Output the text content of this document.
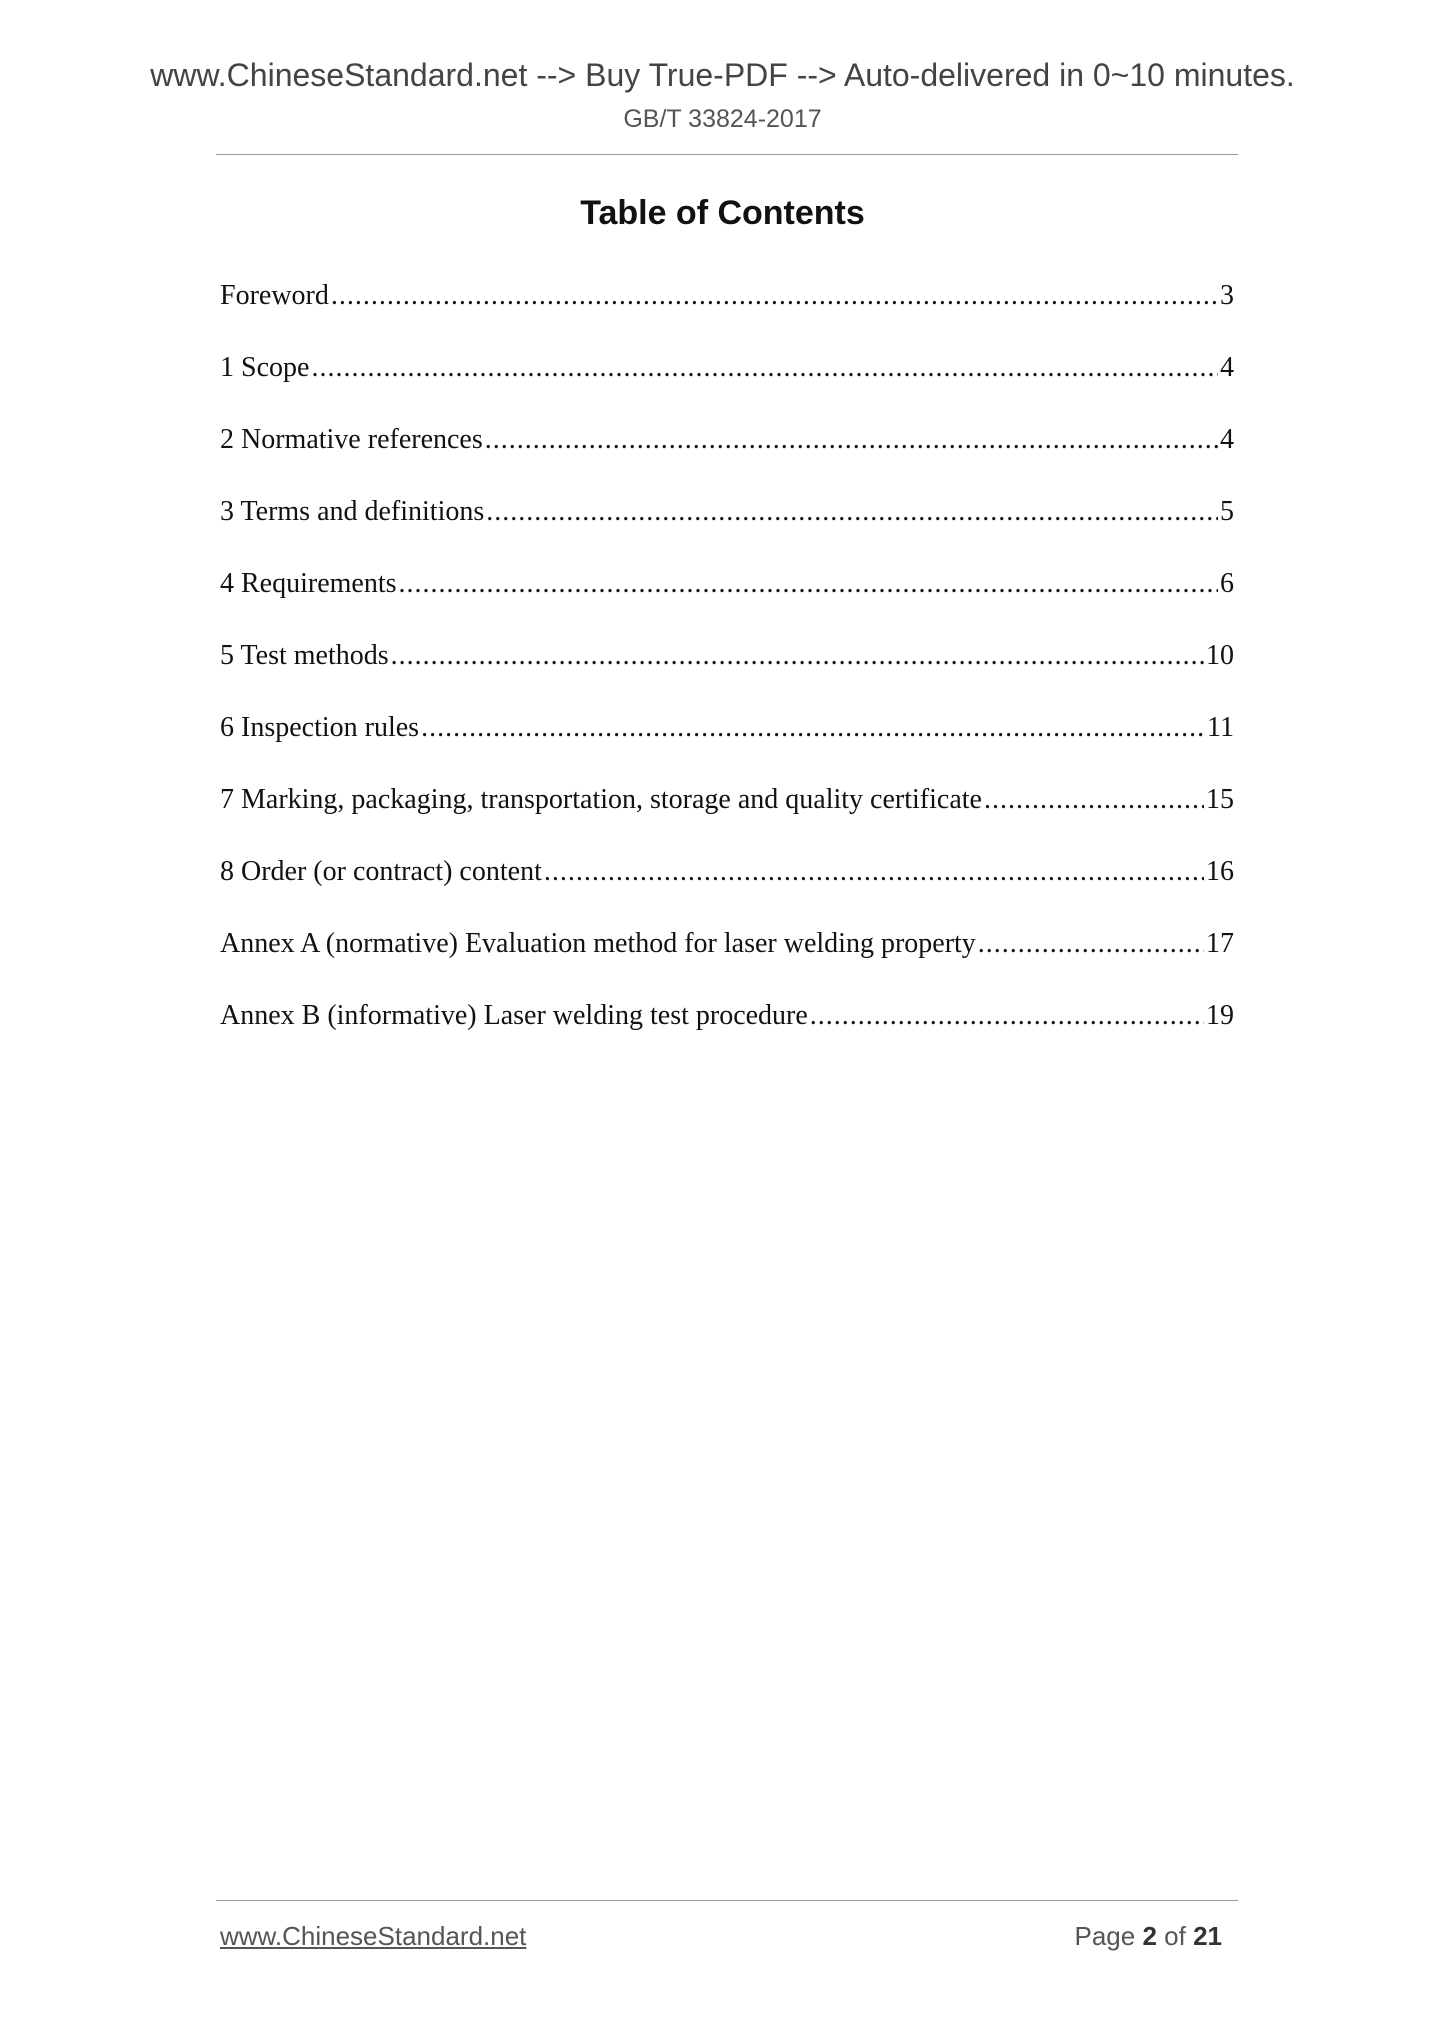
www.ChineseStandard.net --> Buy True-PDF --> Auto-delivered in 0~10 minutes.
GB/T 33824-2017
Table of Contents
Foreword .....	3
1 Scope .....	4
2 Normative references .....	4
3 Terms and definitions .....	5
4 Requirements .....	6
5 Test methods .....	10
6 Inspection rules .....	11
7 Marking, packaging, transportation, storage and quality certificate .....	15
8 Order (or contract) content .....	16
Annex A (normative) Evaluation method for laser welding property .....	17
Annex B (informative) Laser welding test procedure .....	19
www.ChineseStandard.net	Page 2 of 21
